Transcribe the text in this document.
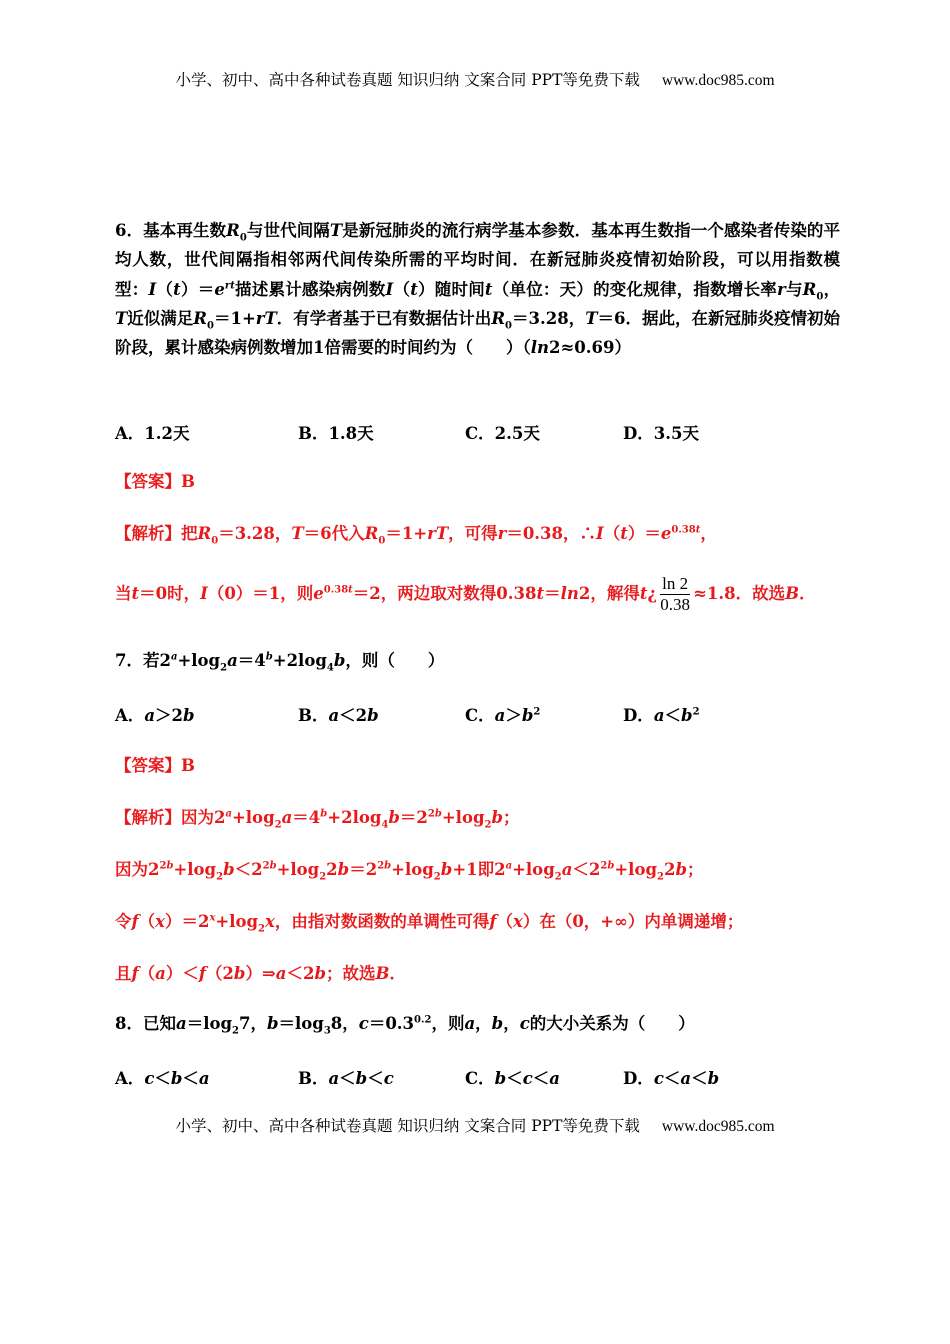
小学、初中、高中各种试卷真题 知识归纳 文案合同 PPT等免费下载 www.doc985.com
6．基本再生数$R_0$与世代间隔T是新冠肺炎的流行病学基本参数．基本再生数指一个感染者传染的平均人数，世代间隔指相邻两代间传染所需的平均时间．在新冠肺炎疫情初始阶段，可以用指数模型：$I(t)=e^{rt}$描述累计感染病例数I（t）随时间t（单位：天）的变化规律，指数增长率r与$R_0$，T近似满足$R_0=1+rT$．有学者基于已有数据估计出$R_0=3.28$，T＝6．据此，在新冠肺炎疫情初始阶段，累计感染病例数增加1倍需要的时间约为（　　）（ln2≈0.69）
A．1.2天	B．1.8天	C．2.5天	D．3.5天
【答案】B
【解析】把$R_0=3.28$，T＝6代入$R_0=1+rT$，可得r＝0.38，$\therefore I(t)=e^{0.38t}$，
当t＝0时，I（0）＝1，则$e^{0.38t}=2$，两边取对数得0.38t＝ln2，解得t¿ $\frac{\ln 2}{0.38} \approx 1.8$．故选B．
7．若$2^a+\log_2a=4^b+2\log_4b$，则（　　）
A．a＞2b	B．a＜2b	C．$a>b^2$	D．$a<b^2$
【答案】B
【解析】因为$2^a+\log_2a=4^b+2\log_4b=2^{2b}+\log_2b$；
因为$2^{2b}+\log_2b<2^{2b}+\log_22b=2^{2b}+\log_2b+1$即$2^a+\log_2a<2^{2b}+\log_22b$；
令$f(x)=2^x+\log_2x$，由指对数函数的单调性可得f（x）在（0，+∞）内单调递增；
且f（a）＜f（2b）⇒a＜2b；故选B．
8．已知$a=\log_27$，$b=\log_38$，$c=0.3^{0.2}$，则a，b，c的大小关系为（　　）
A．c＜b＜a	B．a＜b＜c	C．b＜c＜a	D．c＜a＜b
小学、初中、高中各种试卷真题 知识归纳 文案合同 PPT等免费下载 www.doc985.com
